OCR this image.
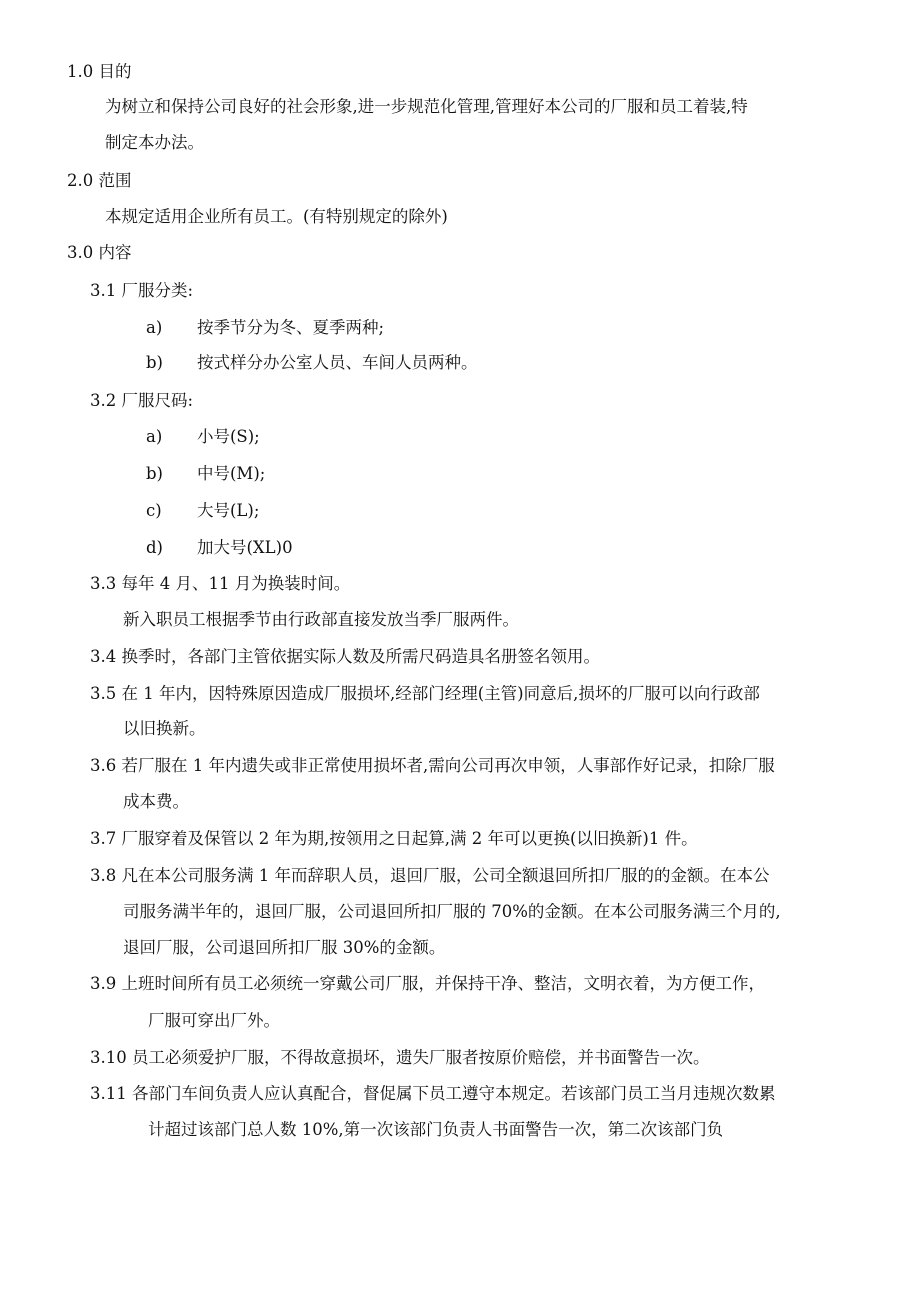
1.0 目的
为树立和保持公司良好的社会形象,进一步规范化管理,管理好本公司的厂服和员工着装,特
制定本办法。
2.0 范围
本规定适用企业所有员工。(有特别规定的除外)
3.0 内容
3.1 厂服分类:
a) 按季节分为冬、夏季两种;
b) 按式样分办公室人员、车间人员两种。
3.2 厂服尺码:
a) 小号(S);
b) 中号(M);
c) 大号(L);
d) 加大号(XL)0
3.3 每年 4 月、11 月为换装时间。
新入职员工根据季节由行政部直接发放当季厂服两件。
3.4 换季时，各部门主管依据实际人数及所需尺码造具名册签名领用。
3.5 在 1 年内，因特殊原因造成厂服损坏,经部门经理(主管)同意后,损坏的厂服可以向行政部
以旧换新。
3.6 若厂服在 1 年内遗失或非正常使用损坏者,需向公司再次申领，人事部作好记录，扣除厂服
成本费。
3.7 厂服穿着及保管以 2 年为期,按领用之日起算,满 2 年可以更换(以旧换新)1 件。
3.8 凡在本公司服务满 1 年而辞职人员，退回厂服，公司全额退回所扣厂服的的金额。在本公
司服务满半年的，退回厂服，公司退回所扣厂服的 70%的金额。在本公司服务满三个月的,
退回厂服，公司退回所扣厂服 30%的金额。
3.9 上班时间所有员工必须统一穿戴公司厂服，并保持干净、整洁，文明衣着，为方便工作，
厂服可穿出厂外。
3.10 员工必须爱护厂服，不得故意损坏，遗失厂服者按原价赔偿，并书面警告一次。
3.11 各部门车间负责人应认真配合，督促属下员工遵守本规定。若该部门员工当月违规次数累
计超过该部门总人数 10%,第一次该部门负责人书面警告一次，第二次该部门负
